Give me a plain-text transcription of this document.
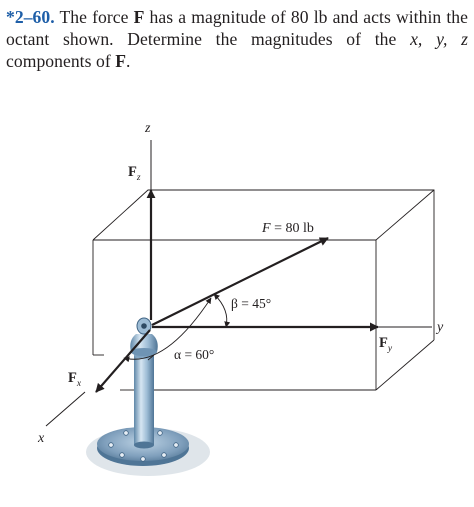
*2–60. The force F has a magnitude of 80 lb and acts within the octant shown. Determine the magnitudes of the x, y, z components of F.
z
y
x
F = 80 lb
β = 45°
α = 60°
$F_z$
$F_y$
$F_x$
